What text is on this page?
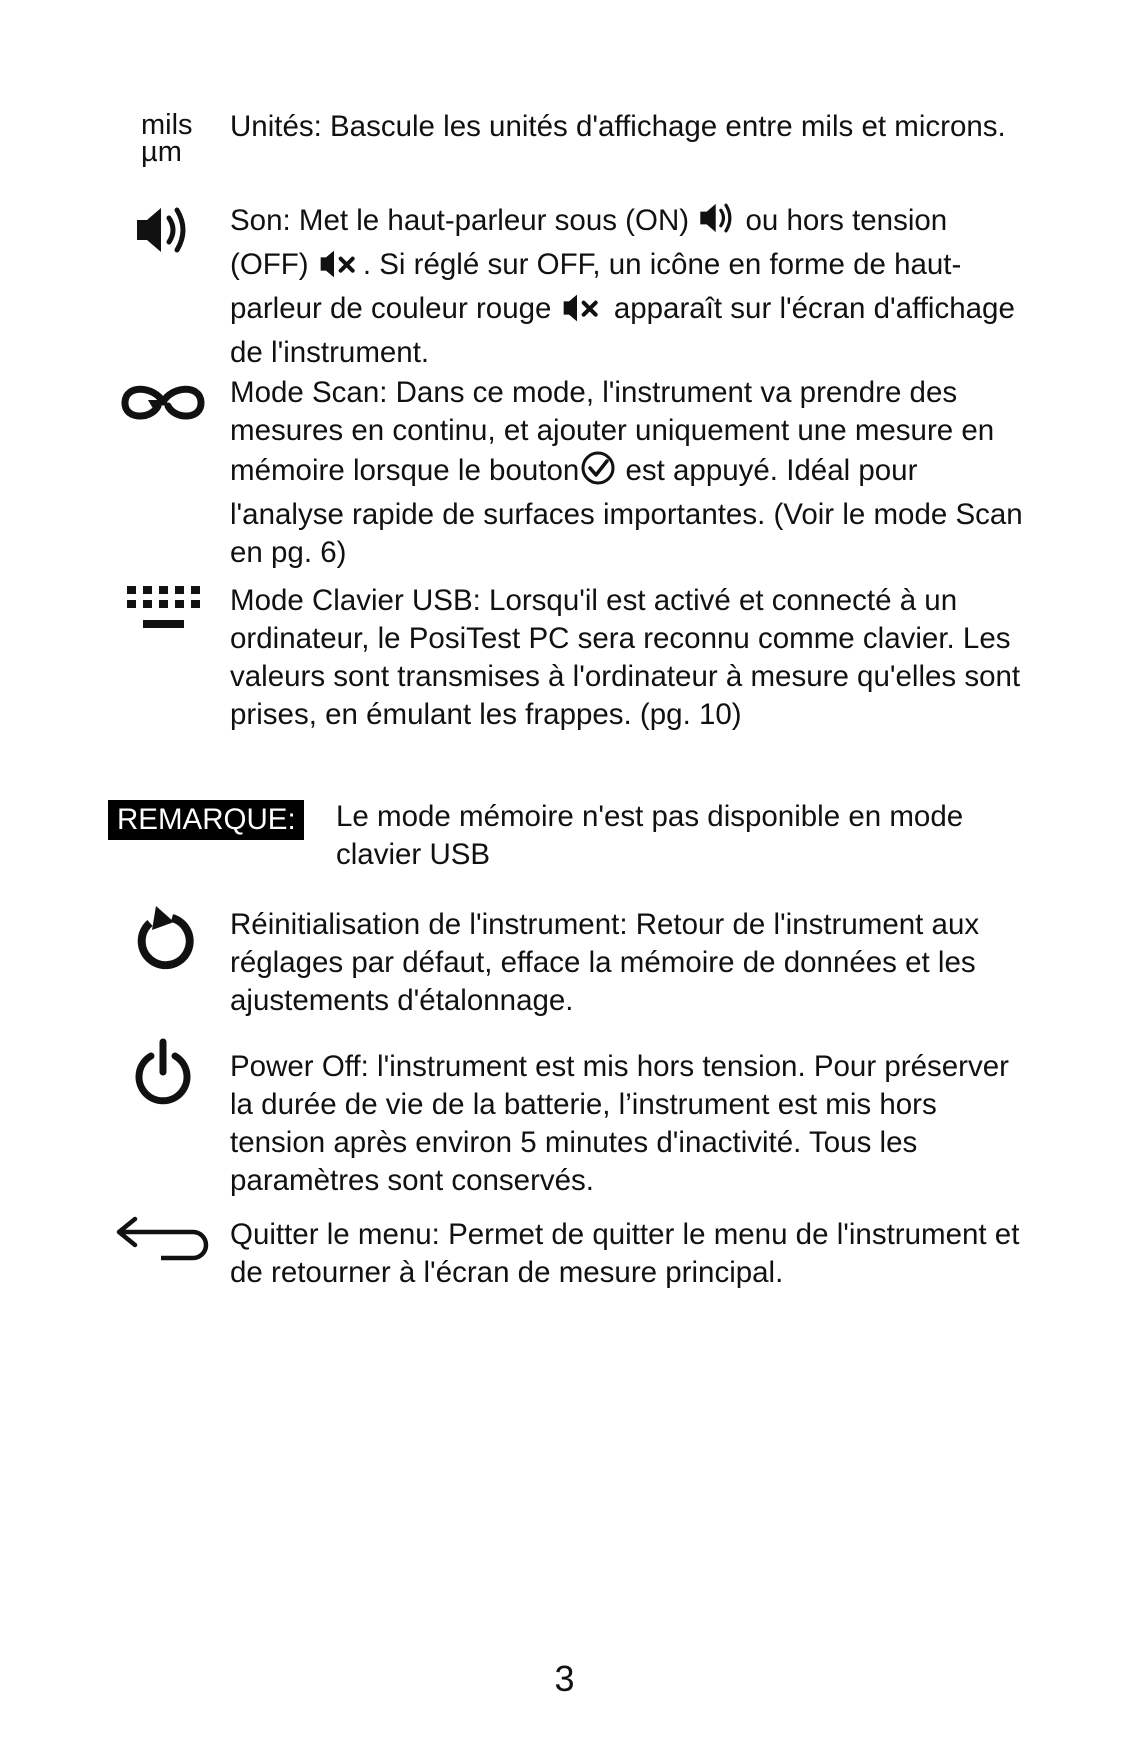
mils
µm
Unités: Bascule les unités d'affichage entre mils et microns.
Son: Met le haut-parleur sous (ON)  ou hors tension (OFF) . Si réglé sur OFF, un icône en forme de haut-parleur de couleur rouge  apparaît sur l'écran d'affichage de l'instrument.
Mode Scan: Dans ce mode, l'instrument va prendre des mesures en continu, et ajouter uniquement une mesure en mémoire lorsque le bouton est appuyé. Idéal pour l'analyse rapide de surfaces importantes. (Voir le mode Scan en pg. 6)
Mode Clavier USB: Lorsqu'il est activé et connecté à un ordinateur, le PosiTest PC sera reconnu comme clavier. Les valeurs sont transmises à l'ordinateur à mesure qu'elles sont prises, en émulant les frappes. (pg. 10)
REMARQUE: Le mode mémoire n'est pas disponible en mode clavier USB
Réinitialisation de l'instrument: Retour de l'instrument aux réglages par défaut, efface la mémoire de données et les ajustements d'étalonnage.
Power Off: l'instrument est mis hors tension. Pour préserver la durée de vie de la batterie, l’instrument est mis hors tension après environ 5 minutes d'inactivité. Tous les paramètres sont conservés.
Quitter le menu: Permet de quitter le menu de l'instrument et de retourner à l'écran de mesure principal.
3
